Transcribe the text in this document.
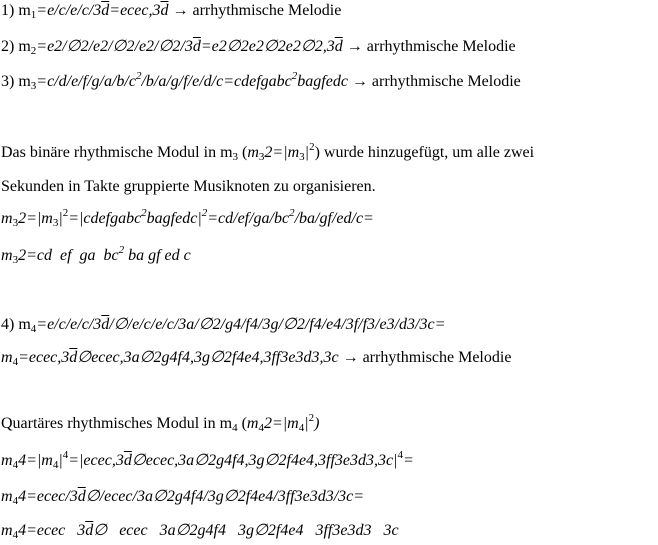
1) $m_1=e/c/e/c/3\overline{d}=ecec,3\overline{d}$ → arrhythmische Melodie
2) $m_2=e2/\emptyset 2/e2/\emptyset 2/e2/\emptyset 2/3\overline{d}=e2\emptyset 2e2\emptyset 2e2\emptyset 2,3\overline{d}$ → arrhythmische Melodie
3) $m_3=c/d/e/f/g/a/b/c^2/b/a/g/f/e/d/c=cdefgabc^2bagfedc$ → arrhythmische Melodie
Das binäre rhythmische Modul in $m_3$ $(m_32=|m_3|^2)$ wurde hinzugefügt, um alle zwei
Sekunden in Takte gruppierte Musiknoten zu organisieren.
$m_32=|m_3|^2=|cdefgabc^2bagfedc|^2=cd/ef/ga/bc^2/ba/gf/ed/c=$
$m_32=cd$  ef  ga  $bc^2$ ba gf ed c
4) $m_4=e/c/e/c/3\overline{d}/\emptyset/e/c/e/c/3a/\emptyset 2/g4/f4/3g/\emptyset 2/f4/e4/3f/f3/e3/d3/3c=$
$m_4=ecec,3\overline{d}\emptyset ecec,3a\emptyset 2g4f4,3g\emptyset 2f4e4,3ff3e3d3,3c$ → arrhythmische Melodie
Quartäres rhythmisches Modul in $m_4$ $(m_42=|m_4|^2)$
$m_44=|m_4|^4=|ecec,3\overline{d}\emptyset ecec,3a\emptyset 2g4f4,3g\emptyset 2f4e4,3ff3e3d3,3c|^4=$
$m_44=ecec/3\overline{d}\emptyset/ecec/3a\emptyset 2g4f4/3g\emptyset 2f4e4/3ff3e3d3/3c=$
$m_44=ecec$   $3\overline{d}\emptyset$   ecec   3a∅2g4f4   3g∅2f4e4   3ff3e3d3   3c
